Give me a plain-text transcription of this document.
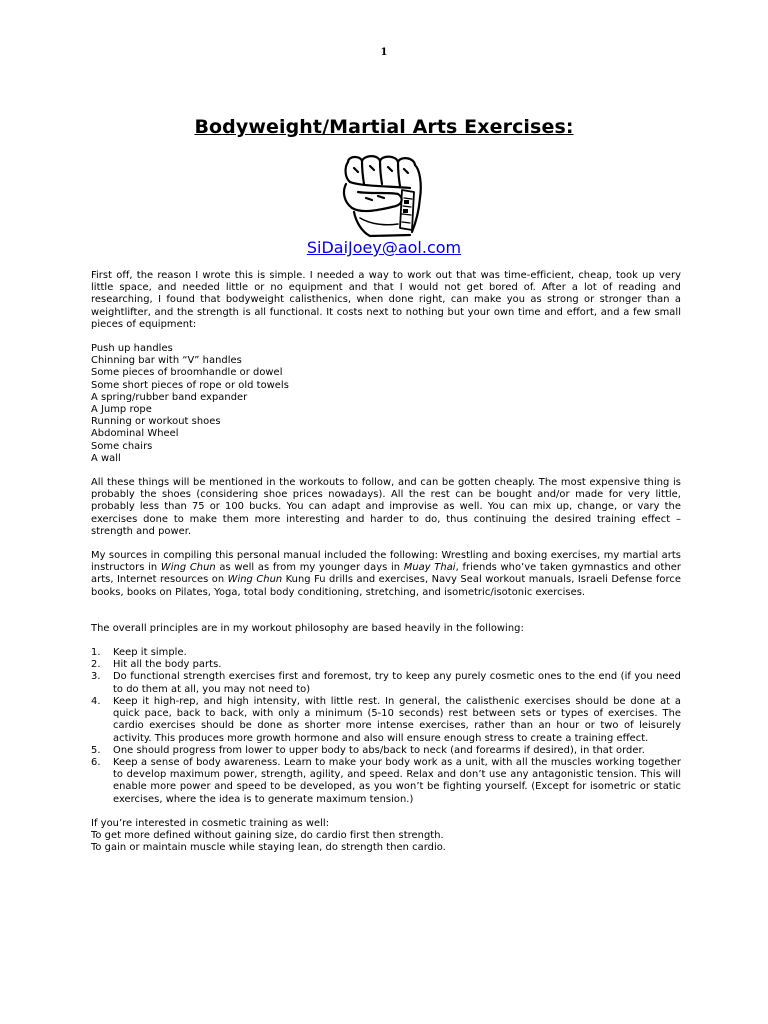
1
Bodyweight/Martial Arts Exercises:
SiDaiJoey@aol.com

First off, the reason I wrote this is simple. I needed a way to work out that was time-efficient, cheap, took up very little space, and needed little or no equipment and that I would not get bored of. After a lot of reading and researching, I found that bodyweight calisthenics, when done right, can make you as strong or stronger than a weightlifter, and the strength is all functional. It costs next to nothing but your own time and effort, and a few small pieces of equipment:

Push up handles
Chinning bar with “V” handles
Some pieces of broomhandle or dowel
Some short pieces of rope or old towels
A spring/rubber band expander
A Jump rope
Running or workout shoes
Abdominal Wheel
Some chairs
A wall

All these things will be mentioned in the workouts to follow, and can be gotten cheaply. The most expensive thing is probably the shoes (considering shoe prices nowadays). All the rest can be bought and/or made for very little, probably less than 75 or 100 bucks. You can adapt and improvise as well. You can mix up, change, or vary the exercises done to make them more interesting and harder to do, thus continuing the desired training effect – strength and power.

My sources in compiling this personal manual included the following: Wrestling and boxing exercises, my martial arts instructors in Wing Chun as well as from my younger days in Muay Thai, friends who’ve taken gymnastics and other arts, Internet resources on Wing Chun Kung Fu drills and exercises, Navy Seal workout manuals, Israeli Defense force books, books on Pilates, Yoga, total body conditioning, stretching, and isometric/isotonic exercises.

The overall principles are in my workout philosophy are based heavily in the following:

1. Keep it simple.
2. Hit all the body parts.
3. Do functional strength exercises first and foremost, try to keep any purely cosmetic ones to the end (if you need to do them at all, you may not need to)
4. Keep it high-rep, and high intensity, with little rest. In general, the calisthenic exercises should be done at a quick pace, back to back, with only a minimum (5-10 seconds) rest between sets or types of exercises. The cardio exercises should be done as shorter more intense exercises, rather than an hour or two of leisurely activity. This produces more growth hormone and also will ensure enough stress to create a training effect.
5. One should progress from lower to upper body to abs/back to neck (and forearms if desired), in that order.
6. Keep a sense of body awareness. Learn to make your body work as a unit, with all the muscles working together to develop maximum power, strength, agility, and speed. Relax and don’t use any antagonistic tension. This will enable more power and speed to be developed, as you won’t be fighting yourself. (Except for isometric or static exercises, where the idea is to generate maximum tension.)

If you’re interested in cosmetic training as well:

To get more defined without gaining size, do cardio first then strength.

To gain or maintain muscle while staying lean, do strength then cardio.
